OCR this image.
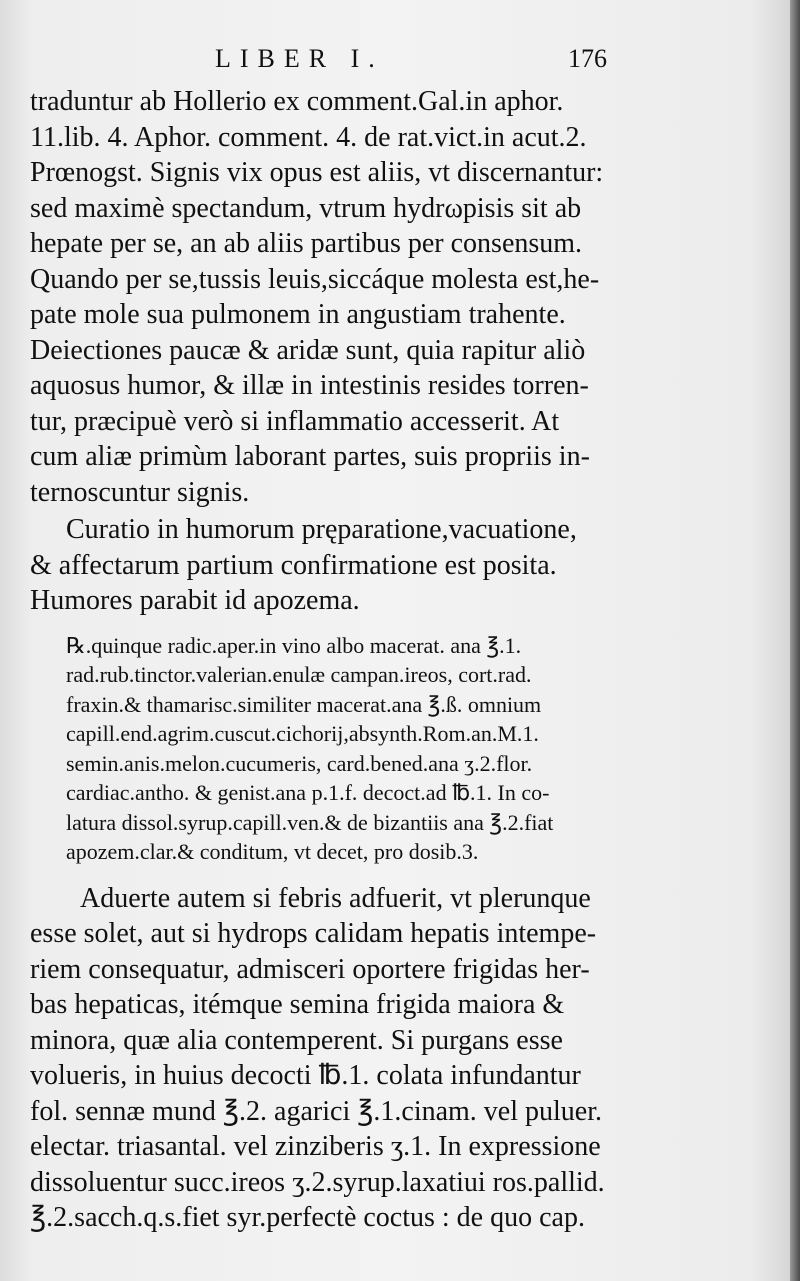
LIBER I.	176
traduntur ab Hollerio ex comment.Gal.in aphor.
11.lib. 4. Aphor. comment. 4. de rat.vict.in acut.2.
Prœnogst. Signis vix opus est aliis, vt discernantur:
sed maximè spectandum, vtrum hydrωpisis sit ab
hepate per se, an ab aliis partibus per consensum.
Quando per se,tussis leuis,siccáque molesta est,he-
pate mole sua pulmonem in angustiam trahente.
Deiectiones paucæ & aridæ sunt, quia rapitur aliò
aquosus humor, & illæ in intestinis resides torren-
tur, præcipuè verò si inflammatio accesserit. At
cum aliæ primùm laborant partes, suis propriis in-
ternoscuntur signis.
Curatio in humorum pręparatione,vacuatione,
& affectarum partium confirmatione est posita.
Humores parabit id apozema.
℞.quinque radic.aper.in vino albo macerat. ana ℥.1.
rad.rub.tinctor.valerian.enulæ campan.ireos, cort.rad.
fraxin.& thamarisc.similiter macerat.ana ℥.ß. omnium
capill.end.agrim.cuscut.cichorij,absynth.Rom.an.M.1.
semin.anis.melon.cucumeris, card.bened.ana ʒ.2.flor.
cardiac.antho. & genist.ana p.1.f. decoct.ad ℔.1. In co-
latura dissol.syrup.capill.ven.& de bizantiis ana ℥.2.fiat
apozem.clar.& conditum, vt decet, pro dosib.3.
Aduerte autem si febris adfuerit, vt plerunque
esse solet, aut si hydrops calidam hepatis intempe-
riem consequatur, admisceri oportere frigidas her-
bas hepaticas, itémque semina frigida maiora &
minora, quæ alia contemperent. Si purgans esse
volueris, in huius decocti ℔.1. colata infundantur
fol. sennæ mund ℥.2. agarici ℥.1.cinam. vel puluer.
electar. triasantal. vel zinziberis ʒ.1. In expressione
dissoluentur succ.ireos ʒ.2.syrup.laxatiui ros.pallid.
℥.2.sacch.q.s.fiet syr.perfectè coctus : de quo cap.
